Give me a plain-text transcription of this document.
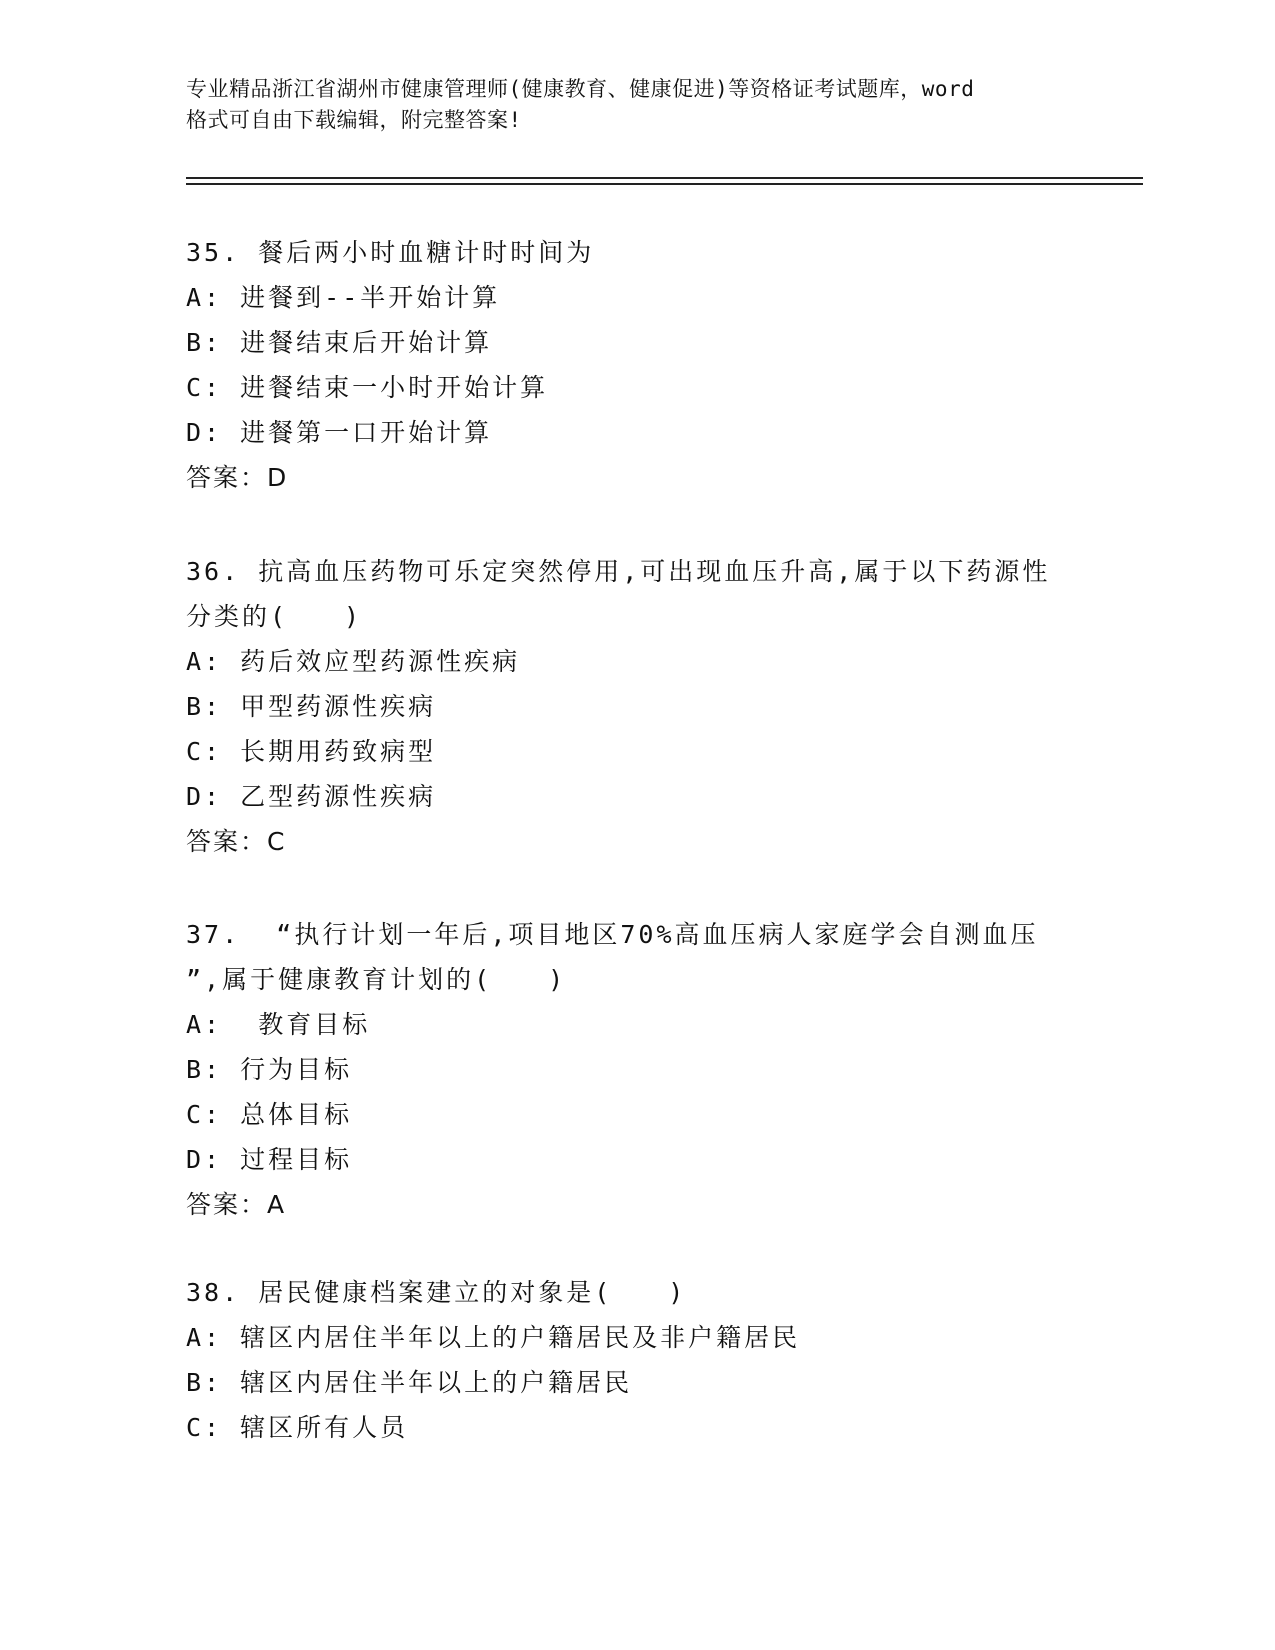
专业精品浙江省湖州市健康管理师(健康教育、健康促进)等资格证考试题库，word
格式可自由下载编辑，附完整答案!
35. 餐后两小时血糖计时时间为
A: 进餐到--半开始计算
B: 进餐结束后开始计算
C: 进餐结束一小时开始计算
D: 进餐第一口开始计算
答案：D
36. 抗高血压药物可乐定突然停用,可出现血压升高,属于以下药源性
分类的(　　)
A: 药后效应型药源性疾病
B: 甲型药源性疾病
C: 长期用药致病型
D: 乙型药源性疾病
答案：C
37. “执行计划一年后,项目地区70%高血压病人家庭学会自测血压
”,属于健康教育计划的(　　)
A:  教育目标
B: 行为目标
C: 总体目标
D: 过程目标
答案：A
38. 居民健康档案建立的对象是(　　)
A: 辖区内居住半年以上的户籍居民及非户籍居民
B: 辖区内居住半年以上的户籍居民
C: 辖区所有人员
